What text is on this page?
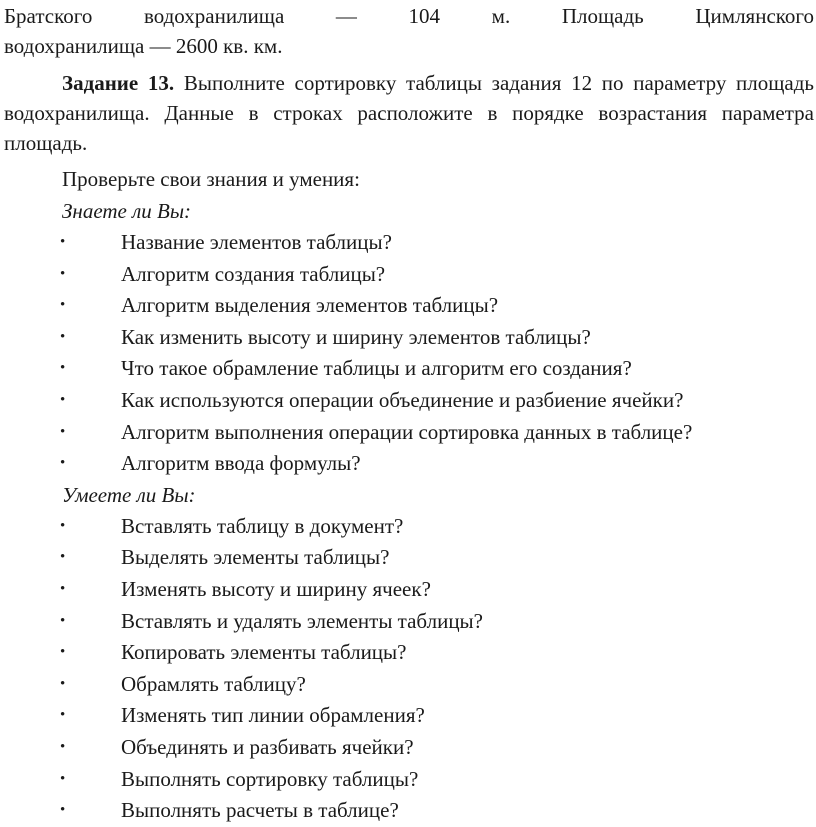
Братского водохранилища — 104 м. Площадь Цимлянского

водохранилища — 2600 кв. км.

Задание 13. Выполните сортировку таблицы задания 12 по параметру площадь водохранилища. Данные в строках расположите в порядке возрастания параметра площадь.

Проверьте свои знания и умения:

Знаете ли Вы:

•	Название элементов таблицы?
•	Алгоритм создания таблицы?
•	Алгоритм выделения элементов таблицы?
•	Как изменить высоту и ширину элементов таблицы?
•	Что такое обрамление таблицы и алгоритм его создания?
•	Как используются операции объединение и разбиение ячейки?
•	Алгоритм выполнения операции сортировка данных в таблице?
•	Алгоритм ввода формулы?

Умеете ли Вы:

•	Вставлять таблицу в документ?
•	Выделять элементы таблицы?
•	Изменять высоту и ширину ячеек?
•	Вставлять и удалять элементы таблицы?
•	Копировать элементы таблицы?
•	Обрамлять таблицу?
•	Изменять тип линии обрамления?
•	Объединять и разбивать ячейки?
•	Выполнять сортировку таблицы?
•	Выполнять расчеты в таблице?
